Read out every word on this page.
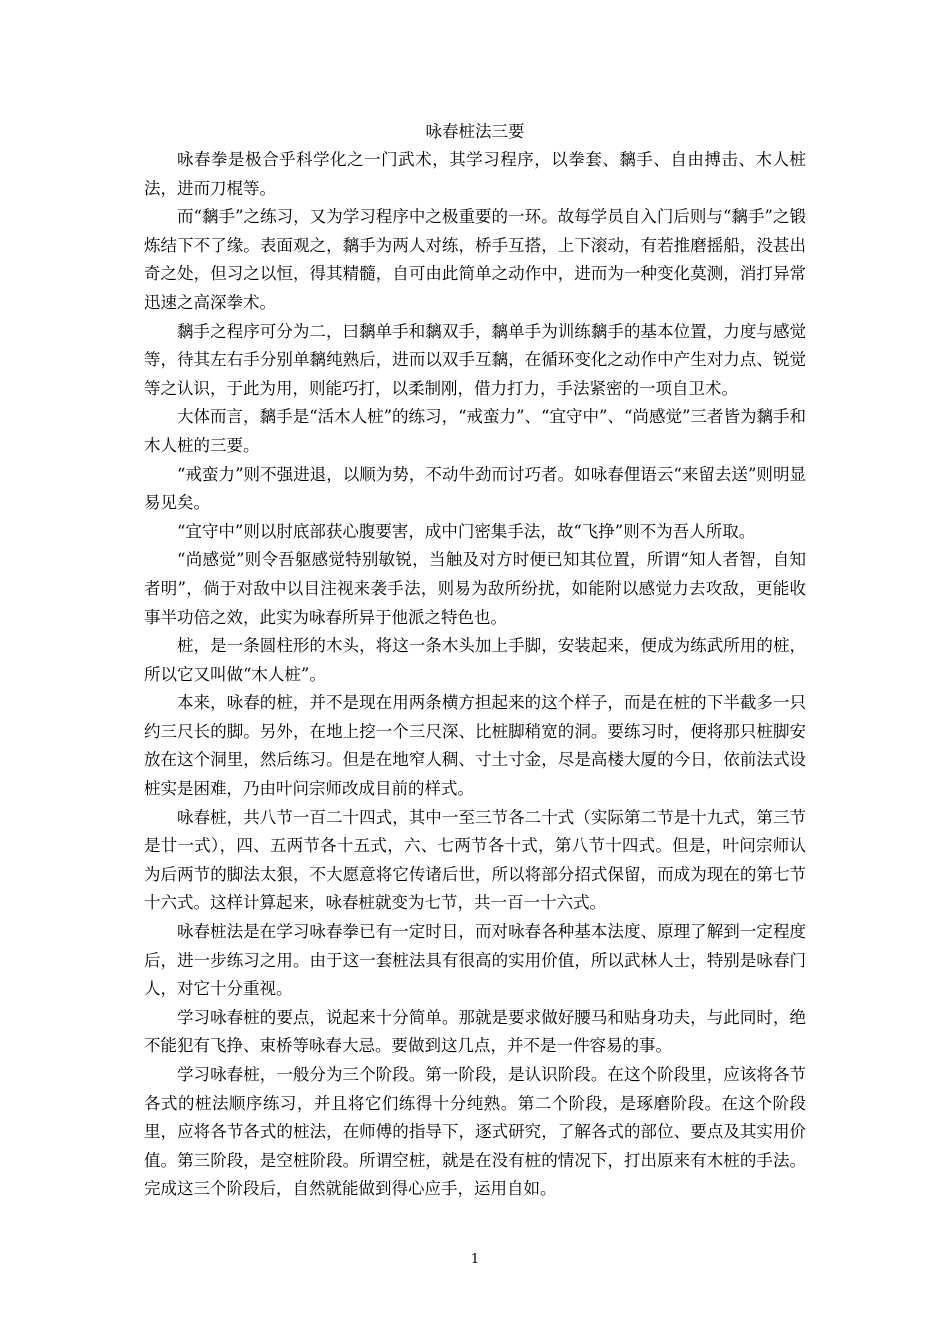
咏春桩法三要

咏春拳是极合乎科学化之一门武术，其学习程序，以拳套、黐手、自由搏击、木人桩法，进而刀棍等。

而“黐手”之练习，又为学习程序中之极重要的一环。故每学员自入门后则与“黐手”之锻炼结下不了缘。表面观之，黐手为两人对练，桥手互搭，上下滚动，有若推磨摇船，没甚出奇之处，但习之以恒，得其精髓，自可由此简单之动作中，进而为一种变化莫测，消打异常迅速之高深拳术。

黐手之程序可分为二，曰黐单手和黐双手，黐单手为训练黐手的基本位置，力度与感觉等，待其左右手分别单黐纯熟后，进而以双手互黐，在循环变化之动作中产生对力点、锐觉等之认识，于此为用，则能巧打，以柔制刚，借力打力，手法紧密的一项自卫术。

大体而言，黐手是“活木人桩”的练习，“戒蛮力”、“宜守中”、“尚感觉”三者皆为黐手和木人桩的三要。

“戒蛮力”则不强进退，以顺为势，不动牛劲而讨巧者。如咏春俚语云“来留去送”则明显易见矣。

“宜守中”则以肘底部获心腹要害，成中门密集手法，故“飞挣”则不为吾人所取。

“尚感觉”则令吾躯感觉特别敏锐，当触及对方时便已知其位置，所谓“知人者智，自知者明”，倘于对敌中以目注视来袭手法，则易为敌所纷扰，如能附以感觉力去攻敌，更能收事半功倍之效，此实为咏春所异于他派之特色也。

桩，是一条圆柱形的木头，将这一条木头加上手脚，安装起来，便成为练武所用的桩，所以它又叫做“木人桩”。

本来，咏春的桩，并不是现在用两条横方担起来的这个样子，而是在桩的下半截多一只约三尺长的脚。另外，在地上挖一个三尺深、比桩脚稍宽的洞。要练习时，便将那只桩脚安放在这个洞里，然后练习。但是在地窄人稠、寸土寸金，尽是高楼大厦的今日，依前法式设桩实是困难，乃由叶问宗师改成目前的样式。

咏春桩，共八节一百二十四式，其中一至三节各二十式（实际第二节是十九式，第三节是廿一式），四、五两节各十五式，六、七两节各十式，第八节十四式。但是，叶问宗师认为后两节的脚法太狠，不大愿意将它传诸后世，所以将部分招式保留，而成为现在的第七节十六式。这样计算起来，咏春桩就变为七节，共一百一十六式。

咏春桩法是在学习咏春拳已有一定时日，而对咏春各种基本法度、原理了解到一定程度后，进一步练习之用。由于这一套桩法具有很高的实用价值，所以武林人士，特别是咏春门人，对它十分重视。

学习咏春桩的要点，说起来十分简单。那就是要求做好腰马和贴身功夫，与此同时，绝不能犯有飞挣、束桥等咏春大忌。要做到这几点，并不是一件容易的事。

学习咏春桩，一般分为三个阶段。第一阶段，是认识阶段。在这个阶段里，应该将各节各式的桩法顺序练习，并且将它们练得十分纯熟。第二个阶段，是琢磨阶段。在这个阶段里，应将各节各式的桩法，在师傅的指导下，逐式研究，了解各式的部位、要点及其实用价值。第三阶段，是空桩阶段。所谓空桩，就是在没有桩的情况下，打出原来有木桩的手法。完成这三个阶段后，自然就能做到得心应手，运用自如。

1
